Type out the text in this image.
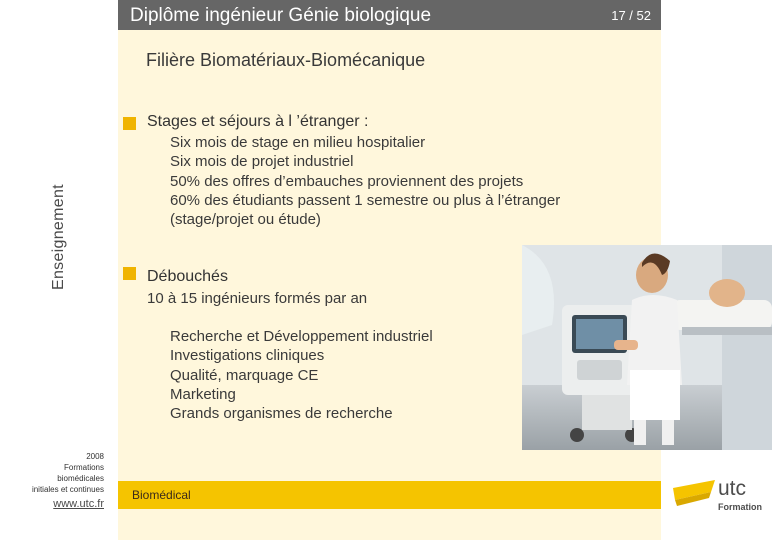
Enseignement
2008
Formations
biomédicales
initiales et continues
www.utc.fr
Diplôme ingénieur Génie biologique	17 / 52
Filière Biomatériaux-Biomécanique
Stages et séjours à l ’étranger :
Six mois de stage en milieu hospitalier
Six mois de projet industriel
50% des offres d’embauches proviennent des projets
60% des étudiants passent 1 semestre ou plus à l’étranger
(stage/projet ou étude)
Débouchés
10 à 15 ingénieurs formés par an
Recherche et Développement industriel
Investigations cliniques
Qualité, marquage CE
Marketing
Grands organismes de recherche
Biomédical	utc
Formation
